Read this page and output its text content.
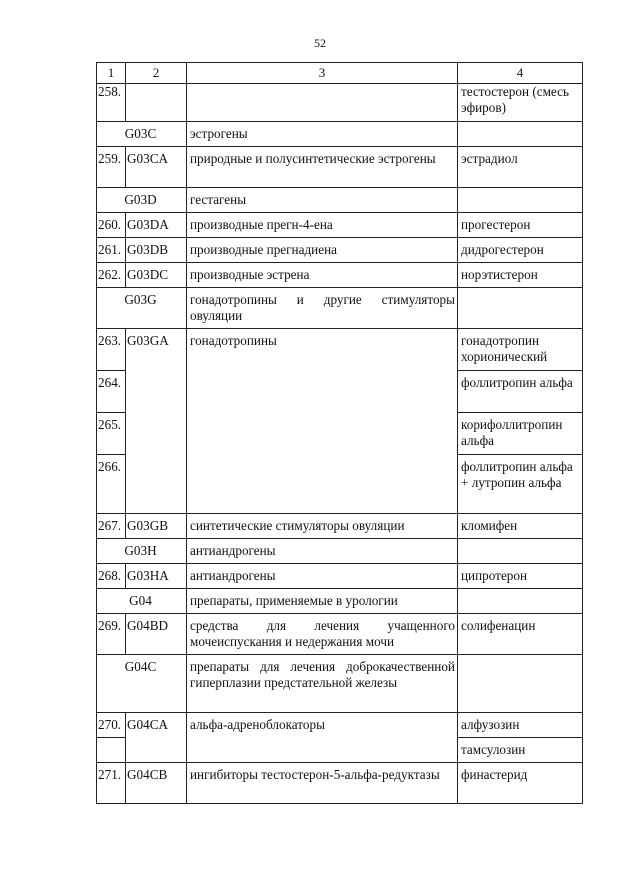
52
1	2	3	4
258.			тестостерон (смесь эфиров)
G03C		эстрогены	
259.	G03CA	природные и полусинтетические эстрогены	эстрадиол
G03D		гестагены	
260.	G03DA	производные прегн-4-ена	прогестерон
261.	G03DB	производные прегнадиена	дидрогестерон
262.	G03DC	производные эстрена	норэтистерон
G03G		гонадотропины и другие стимуляторы овуляции	
263.	G03GA	гонадотропины	гонадотропин хорионический
264.			фоллитропин альфа
265.			корифоллитропин альфа
266.			фоллитропин альфа + лутропин альфа
267.	G03GB	синтетические стимуляторы овуляции	кломифен
G03H		антиандрогены	
268.	G03HA	антиандрогены	ципротерон
G04		препараты, применяемые в урологии	
269.	G04BD	средства для лечения учащенного мочеиспускания и недержания мочи	солифенацин
G04C		препараты для лечения доброкачественной гиперплазии предстательной железы	
270.	G04CA	альфа-адреноблокаторы	алфузозин
			тамсулозин
271.	G04CB	ингибиторы тестостерон-5-альфа-редуктазы	финастерид
